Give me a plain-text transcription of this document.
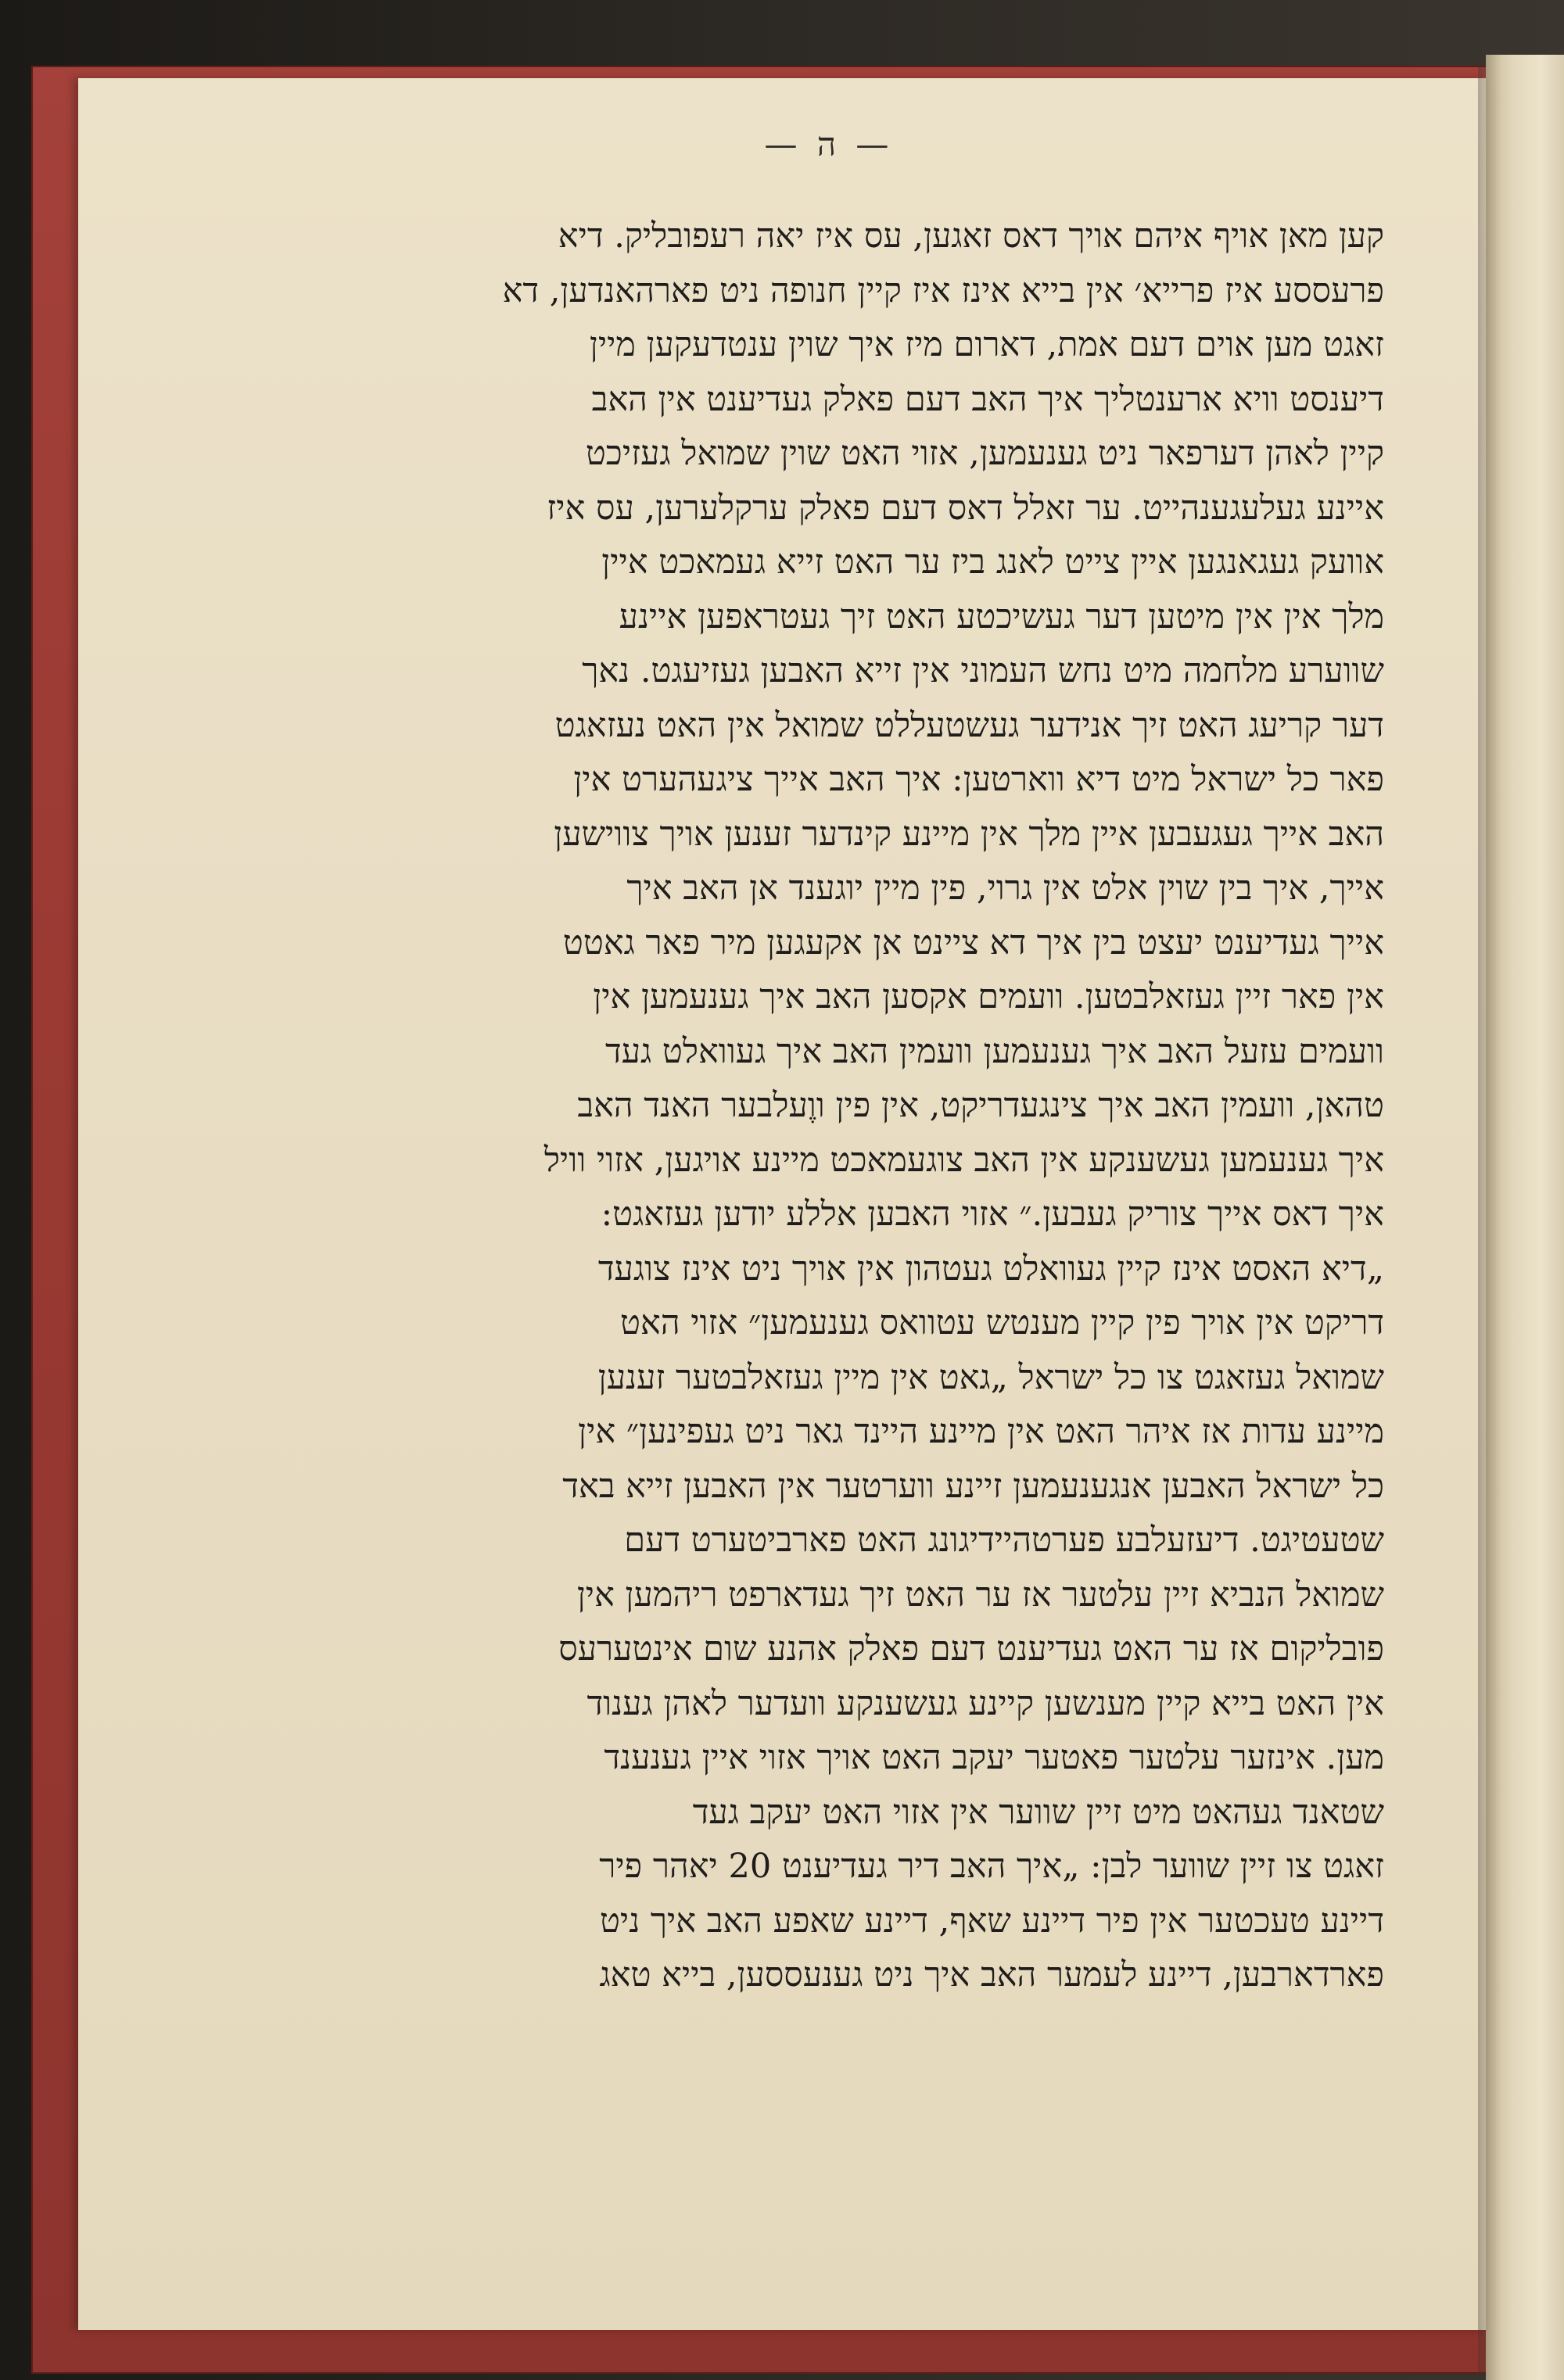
— ה —
קען מאן אויף איהם אויך דאס זאגען, עס איז יאה רעפובליק. דיא
פרעססע איז פרייא׳ אין בייא אינז איז קיין חנופה ניט פארהאנדען, דא
זאגט מען אוים דעם אמת, דארום מיז איך שוין ענטדעקען מיין
דיענסט וויא ארענטליך איך האב דעם פאלק געדיענט אין האב
קיין לאהן דערפאר ניט גענעמען, אזוי האט שוין שמואל געזיכט
איינע געלעגענהייט. ער זאלל דאס דעם פאלק ערקלערען, עס איז
אוועק געגאנגען איין צייט לאנג ביז ער האט זייא געמאכט איין
מלך אין אין מיטען דער געשיכטע האט זיך געטראפען איינע
שווערע מלחמה מיט נחש העמוני אין זייא האבען געזיעגט. נאך
דער קריעג האט זיך אנידער געשטעללט שמואל אין האט נעזאגט
פאר כל ישראל מיט דיא ווארטען: איך האב אייך ציגעהערט אין
האב אייך געגעבען איין מלך אין מיינע קינדער זענען אויך צווישען
אייך, איך בין שוין אלט אין גרוי, פין מיין יוגענד אן האב איך
אייך געדיענט יעצט בין איך דא ציינט אן אקעגען מיר פאר גאטט
אין פאר זיין געזאלבטען. וועמים אקסען האב איך גענעמען אין
וועמים עזעל האב איך גענעמען וועמין האב איך געוואלט געד
טהאן, וועמין האב איך צינגעדריקט, אין פין ווֶעלבער האנד האב
איך גענעמען געשענקע אין האב צוגעמאכט מיינע אויגען, אזוי וויל
איך דאס אייך צוריק געבען.״ אזוי האבען אללע יודען געזאגט:
„דיא האסט אינז קיין געוואלט געטהון אין אויך ניט אינז צוגעד
דריקט אין אויך פין קיין מענטש עטוואס גענעמען״ אזוי האט
שמואל געזאגט צו כל ישראל „גאט אין מיין געזאלבטער זענען
מיינע עדות אז איהר האט אין מיינע היינד גאר ניט געפינען״ אין
כל ישראל האבען אנגענעמען זיינע ווערטער אין האבען זייא באד
שטעטיגט. דיעזעלבע פערטהיידיגונג האט פארביטערט דעם
שמואל הנביא זיין עלטער אז ער האט זיך געדארפט ריהמען אין
פובליקום אז ער האט געדיענט דעם פאלק אהנע שום אינטערעס
אין האט בייא קיין מענשען קיינע געשענקע וועדער לאהן גענוד
מען. אינזער עלטער פאטער יעקב האט אויך אזוי איין גענענד
שטאנד געהאט מיט זיין שווער אין אזוי האט יעקב געד
זאגט צו זיין שווער לבן: „איך האב דיר געדיענט 20 יאהר פיר
דיינע טעכטער אין פיר דיינע שאף, דיינע שאפע האב איך ניט
פארדארבען, דיינע לעמער האב איך ניט גענעססען, בייא טאג
